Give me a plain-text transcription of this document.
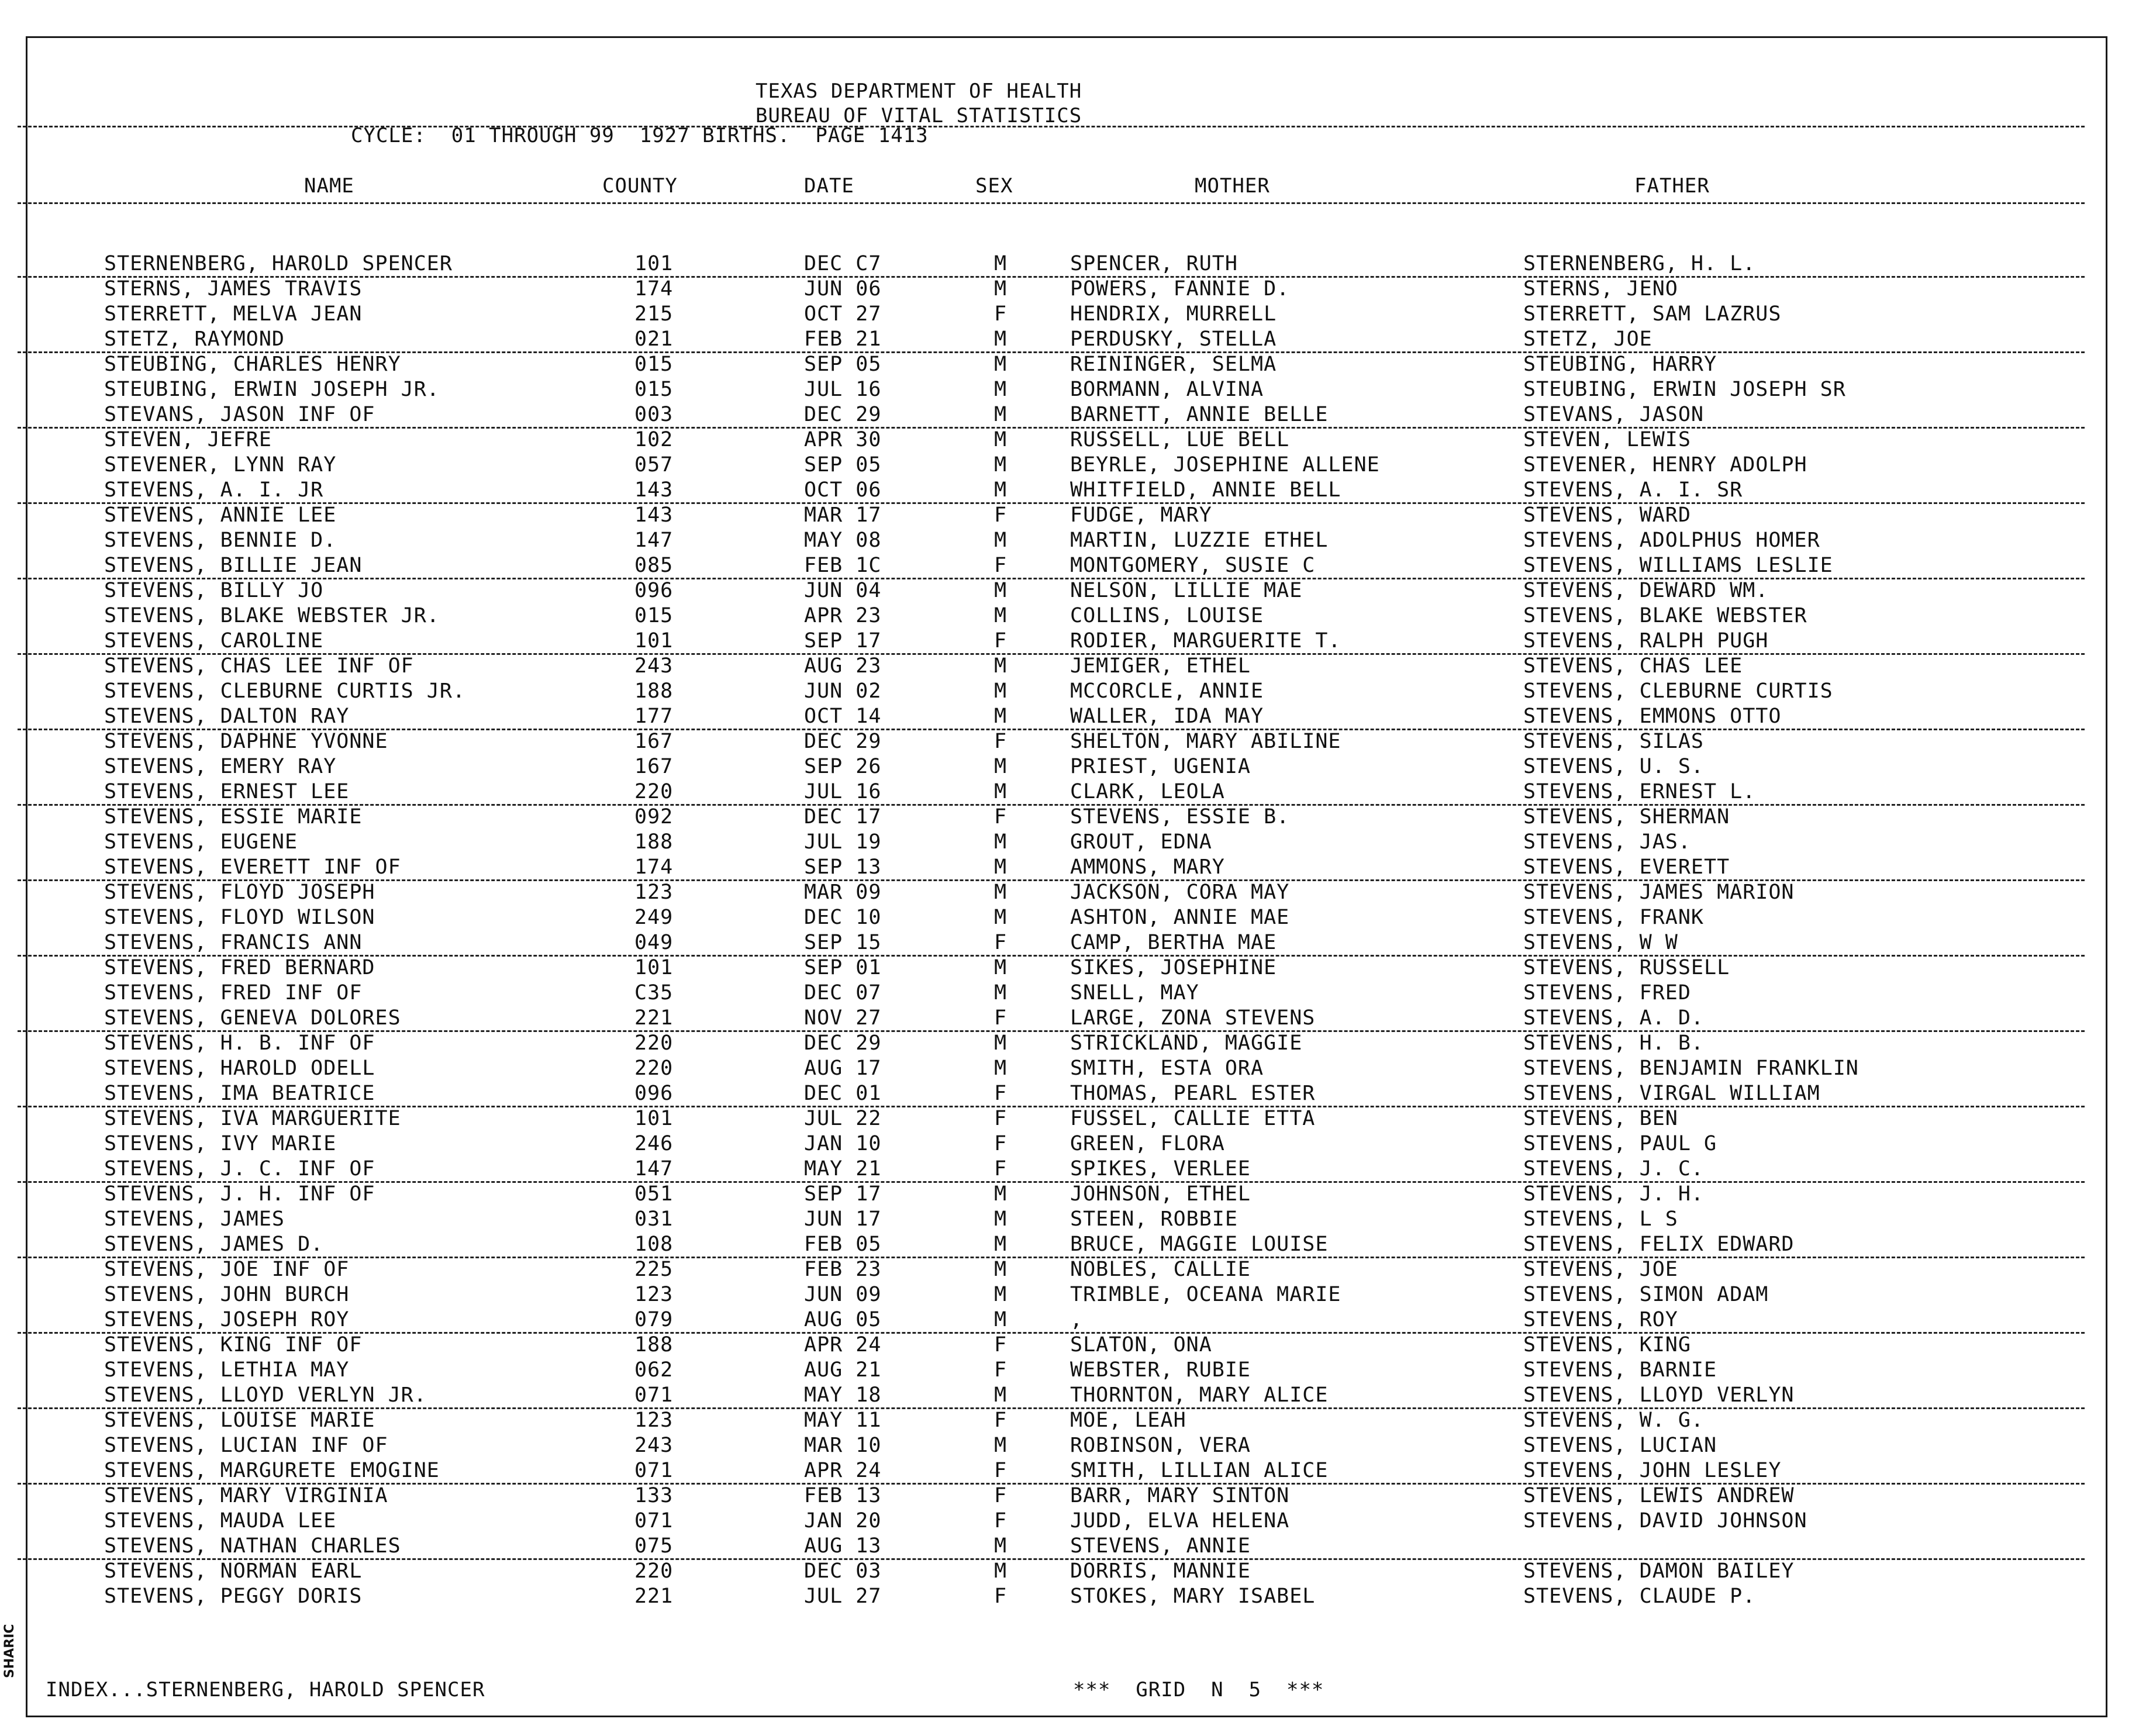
TEXAS DEPARTMENT OF HEALTH
BUREAU OF VITAL STATISTICS
CYCLE:  01 THROUGH 99  1927 BIRTHS.  PAGE 1413
NAME	COUNTY	DATE	SEX	MOTHER	FATHER
STERNENBERG, HAROLD SPENCER	101	DEC C7	M	SPENCER, RUTH	STERNENBERG, H. L.
STERNS, JAMES TRAVIS	174	JUN 06	M	POWERS, FANNIE D.	STERNS, JENO
STERRETT, MELVA JEAN	215	OCT 27	F	HENDRIX, MURRELL	STERRETT, SAM LAZRUS
STETZ, RAYMOND	021	FEB 21	M	PERDUSKY, STELLA	STETZ, JOE
STEUBING, CHARLES HENRY	015	SEP 05	M	REININGER, SELMA	STEUBING, HARRY
STEUBING, ERWIN JOSEPH JR.	015	JUL 16	M	BORMANN, ALVINA	STEUBING, ERWIN JOSEPH SR
STEVANS, JASON INF OF	003	DEC 29	M	BARNETT, ANNIE BELLE	STEVANS, JASON
STEVEN, JEFRE	102	APR 30	M	RUSSELL, LUE BELL	STEVEN, LEWIS
STEVENER, LYNN RAY	057	SEP 05	M	BEYRLE, JOSEPHINE ALLENE	STEVENER, HENRY ADOLPH
STEVENS, A. I. JR	143	OCT 06	M	WHITFIELD, ANNIE BELL	STEVENS, A. I. SR
STEVENS, ANNIE LEE	143	MAR 17	F	FUDGE, MARY	STEVENS, WARD
STEVENS, BENNIE D.	147	MAY 08	M	MARTIN, LUZZIE ETHEL	STEVENS, ADOLPHUS HOMER
STEVENS, BILLIE JEAN	085	FEB 1C	F	MONTGOMERY, SUSIE C	STEVENS, WILLIAMS LESLIE
STEVENS, BILLY JO	096	JUN 04	M	NELSON, LILLIE MAE	STEVENS, DEWARD WM.
STEVENS, BLAKE WEBSTER JR.	015	APR 23	M	COLLINS, LOUISE	STEVENS, BLAKE WEBSTER
STEVENS, CAROLINE	101	SEP 17	F	RODIER, MARGUERITE T.	STEVENS, RALPH PUGH
STEVENS, CHAS LEE INF OF	243	AUG 23	M	JEMIGER, ETHEL	STEVENS, CHAS LEE
STEVENS, CLEBURNE CURTIS JR.	188	JUN 02	M	MCCORCLE, ANNIE	STEVENS, CLEBURNE CURTIS
STEVENS, DALTON RAY	177	OCT 14	M	WALLER, IDA MAY	STEVENS, EMMONS OTTO
STEVENS, DAPHNE YVONNE	167	DEC 29	F	SHELTON, MARY ABILINE	STEVENS, SILAS
STEVENS, EMERY RAY	167	SEP 26	M	PRIEST, UGENIA	STEVENS, U. S.
STEVENS, ERNEST LEE	220	JUL 16	M	CLARK, LEOLA	STEVENS, ERNEST L.
STEVENS, ESSIE MARIE	092	DEC 17	F	STEVENS, ESSIE B.	STEVENS, SHERMAN
STEVENS, EUGENE	188	JUL 19	M	GROUT, EDNA	STEVENS, JAS.
STEVENS, EVERETT INF OF	174	SEP 13	M	AMMONS, MARY	STEVENS, EVERETT
STEVENS, FLOYD JOSEPH	123	MAR 09	M	JACKSON, CORA MAY	STEVENS, JAMES MARION
STEVENS, FLOYD WILSON	249	DEC 10	M	ASHTON, ANNIE MAE	STEVENS, FRANK
STEVENS, FRANCIS ANN	049	SEP 15	F	CAMP, BERTHA MAE	STEVENS, W W
STEVENS, FRED BERNARD	101	SEP 01	M	SIKES, JOSEPHINE	STEVENS, RUSSELL
STEVENS, FRED INF OF	C35	DEC 07	M	SNELL, MAY	STEVENS, FRED
STEVENS, GENEVA DOLORES	221	NOV 27	F	LARGE, ZONA STEVENS	STEVENS, A. D.
STEVENS, H. B. INF OF	220	DEC 29	M	STRICKLAND, MAGGIE	STEVENS, H. B.
STEVENS, HAROLD ODELL	220	AUG 17	M	SMITH, ESTA ORA	STEVENS, BENJAMIN FRANKLIN
STEVENS, IMA BEATRICE	096	DEC 01	F	THOMAS, PEARL ESTER	STEVENS, VIRGAL WILLIAM
STEVENS, IVA MARGUERITE	101	JUL 22	F	FUSSEL, CALLIE ETTA	STEVENS, BEN
STEVENS, IVY MARIE	246	JAN 10	F	GREEN, FLORA	STEVENS, PAUL G
STEVENS, J. C. INF OF	147	MAY 21	F	SPIKES, VERLEE	STEVENS, J. C.
STEVENS, J. H. INF OF	051	SEP 17	M	JOHNSON, ETHEL	STEVENS, J. H.
STEVENS, JAMES	031	JUN 17	M	STEEN, ROBBIE	STEVENS, L S
STEVENS, JAMES D.	108	FEB 05	M	BRUCE, MAGGIE LOUISE	STEVENS, FELIX EDWARD
STEVENS, JOE INF OF	225	FEB 23	M	NOBLES, CALLIE	STEVENS, JOE
STEVENS, JOHN BURCH	123	JUN 09	M	TRIMBLE, OCEANA MARIE	STEVENS, SIMON ADAM
STEVENS, JOSEPH ROY	079	AUG 05	M	,	STEVENS, ROY
STEVENS, KING INF OF	188	APR 24	F	SLATON, ONA	STEVENS, KING
STEVENS, LETHIA MAY	062	AUG 21	F	WEBSTER, RUBIE	STEVENS, BARNIE
STEVENS, LLOYD VERLYN JR.	071	MAY 18	M	THORNTON, MARY ALICE	STEVENS, LLOYD VERLYN
STEVENS, LOUISE MARIE	123	MAY 11	F	MOE, LEAH	STEVENS, W. G.
STEVENS, LUCIAN INF OF	243	MAR 10	M	ROBINSON, VERA	STEVENS, LUCIAN
STEVENS, MARGURETE EMOGINE	071	APR 24	F	SMITH, LILLIAN ALICE	STEVENS, JOHN LESLEY
STEVENS, MARY VIRGINIA	133	FEB 13	F	BARR, MARY SINTON	STEVENS, LEWIS ANDREW
STEVENS, MAUDA LEE	071	JAN 20	F	JUDD, ELVA HELENA	STEVENS, DAVID JOHNSON
STEVENS, NATHAN CHARLES	075	AUG 13	M	STEVENS, ANNIE
STEVENS, NORMAN EARL	220	DEC 03	M	DORRIS, MANNIE	STEVENS, DAMON BAILEY
STEVENS, PEGGY DORIS	221	JUL 27	F	STOKES, MARY ISABEL	STEVENS, CLAUDE P.
INDEX...STERNENBERG, HAROLD SPENCER	***  GRID  N  5  ***
SHARIC
